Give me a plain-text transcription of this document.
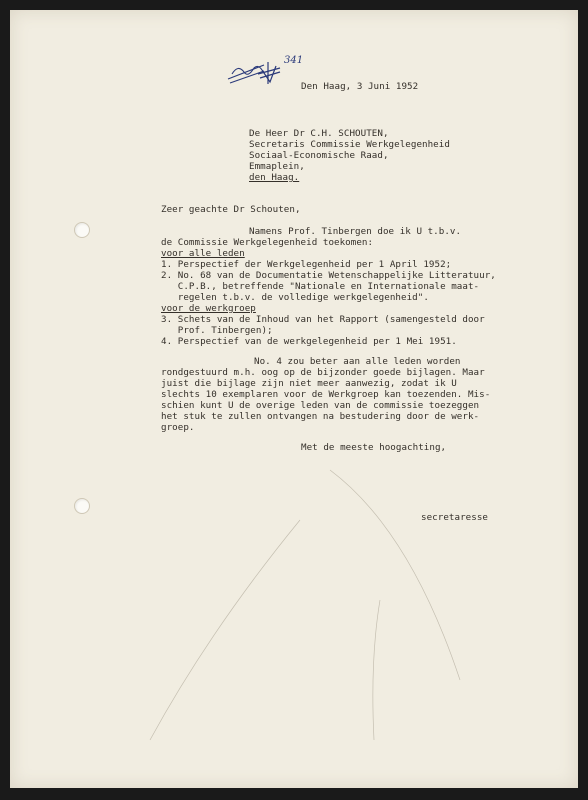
341

Den Haag, 3 Juni 1952

De Heer Dr C.H. SCHOUTEN,

Secretaris Commissie Werkgelegenheid

Sociaal-Economische Raad,

Emmaplein,

den Haag.

Zeer geachte Dr Schouten,

Namens Prof. Tinbergen doe ik U t.b.v.

de Commissie Werkgelegenheid toekomen:

voor alle leden

1. Perspectief der Werkgelegenheid per 1 April 1952;

2. No. 68 van de Documentatie Wetenschappelijke Litteratuur,

C.P.B., betreffende "Nationale en Internationale maat-

regelen t.b.v. de volledige werkgelegenheid".

voor de werkgroep

3. Schets van de Inhoud van het Rapport (samengesteld door

Prof. Tinbergen);

4. Perspectief van de werkgelegenheid per 1 Mei 1951.

No. 4 zou beter aan alle leden worden

rondgestuurd m.h. oog op de bijzonder goede bijlagen. Maar

juist die bijlage zijn niet meer aanwezig, zodat ik U

slechts 10 exemplaren voor de Werkgroep kan toezenden. Mis-

schien kunt U de overige leden van de commissie toezeggen

het stuk te zullen ontvangen na bestudering door de werk-

groep.

Met de meeste hoogachting,

secretaresse
